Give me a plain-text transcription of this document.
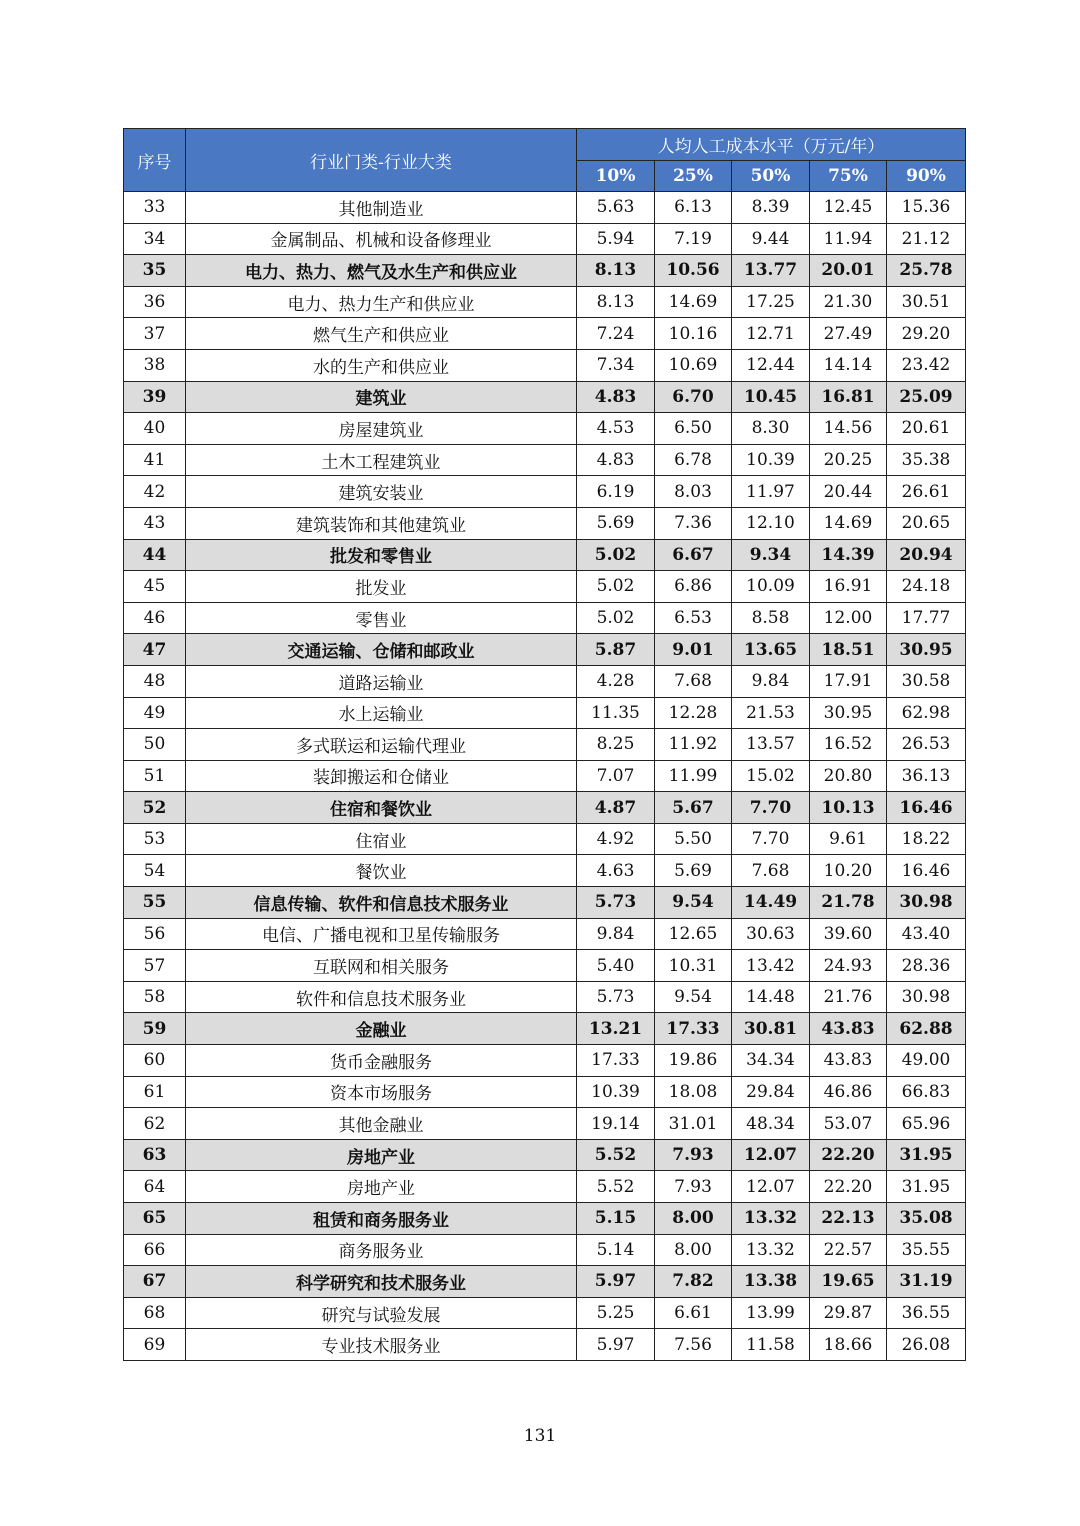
序号	行业门类-行业大类	人均人工成本水平（万元/年）				
		10%	25%	50%	75%	90%
33	其他制造业	5.63	6.13	8.39	12.45	15.36
34	金属制品、机械和设备修理业	5.94	7.19	9.44	11.94	21.12
35	电力、热力、燃气及水生产和供应业	8.13	10.56	13.77	20.01	25.78
36	电力、热力生产和供应业	8.13	14.69	17.25	21.30	30.51
37	燃气生产和供应业	7.24	10.16	12.71	27.49	29.20
38	水的生产和供应业	7.34	10.69	12.44	14.14	23.42
39	建筑业	4.83	6.70	10.45	16.81	25.09
40	房屋建筑业	4.53	6.50	8.30	14.56	20.61
41	土木工程建筑业	4.83	6.78	10.39	20.25	35.38
42	建筑安装业	6.19	8.03	11.97	20.44	26.61
43	建筑装饰和其他建筑业	5.69	7.36	12.10	14.69	20.65
44	批发和零售业	5.02	6.67	9.34	14.39	20.94
45	批发业	5.02	6.86	10.09	16.91	24.18
46	零售业	5.02	6.53	8.58	12.00	17.77
47	交通运输、仓储和邮政业	5.87	9.01	13.65	18.51	30.95
48	道路运输业	4.28	7.68	9.84	17.91	30.58
49	水上运输业	11.35	12.28	21.53	30.95	62.98
50	多式联运和运输代理业	8.25	11.92	13.57	16.52	26.53
51	装卸搬运和仓储业	7.07	11.99	15.02	20.80	36.13
52	住宿和餐饮业	4.87	5.67	7.70	10.13	16.46
53	住宿业	4.92	5.50	7.70	9.61	18.22
54	餐饮业	4.63	5.69	7.68	10.20	16.46
55	信息传输、软件和信息技术服务业	5.73	9.54	14.49	21.78	30.98
56	电信、广播电视和卫星传输服务	9.84	12.65	30.63	39.60	43.40
57	互联网和相关服务	5.40	10.31	13.42	24.93	28.36
58	软件和信息技术服务业	5.73	9.54	14.48	21.76	30.98
59	金融业	13.21	17.33	30.81	43.83	62.88
60	货币金融服务	17.33	19.86	34.34	43.83	49.00
61	资本市场服务	10.39	18.08	29.84	46.86	66.83
62	其他金融业	19.14	31.01	48.34	53.07	65.96
63	房地产业	5.52	7.93	12.07	22.20	31.95
64	房地产业	5.52	7.93	12.07	22.20	31.95
65	租赁和商务服务业	5.15	8.00	13.32	22.13	35.08
66	商务服务业	5.14	8.00	13.32	22.57	35.55
67	科学研究和技术服务业	5.97	7.82	13.38	19.65	31.19
68	研究与试验发展	5.25	6.61	13.99	29.87	36.55
69	专业技术服务业	5.97	7.56	11.58	18.66	26.08
131
